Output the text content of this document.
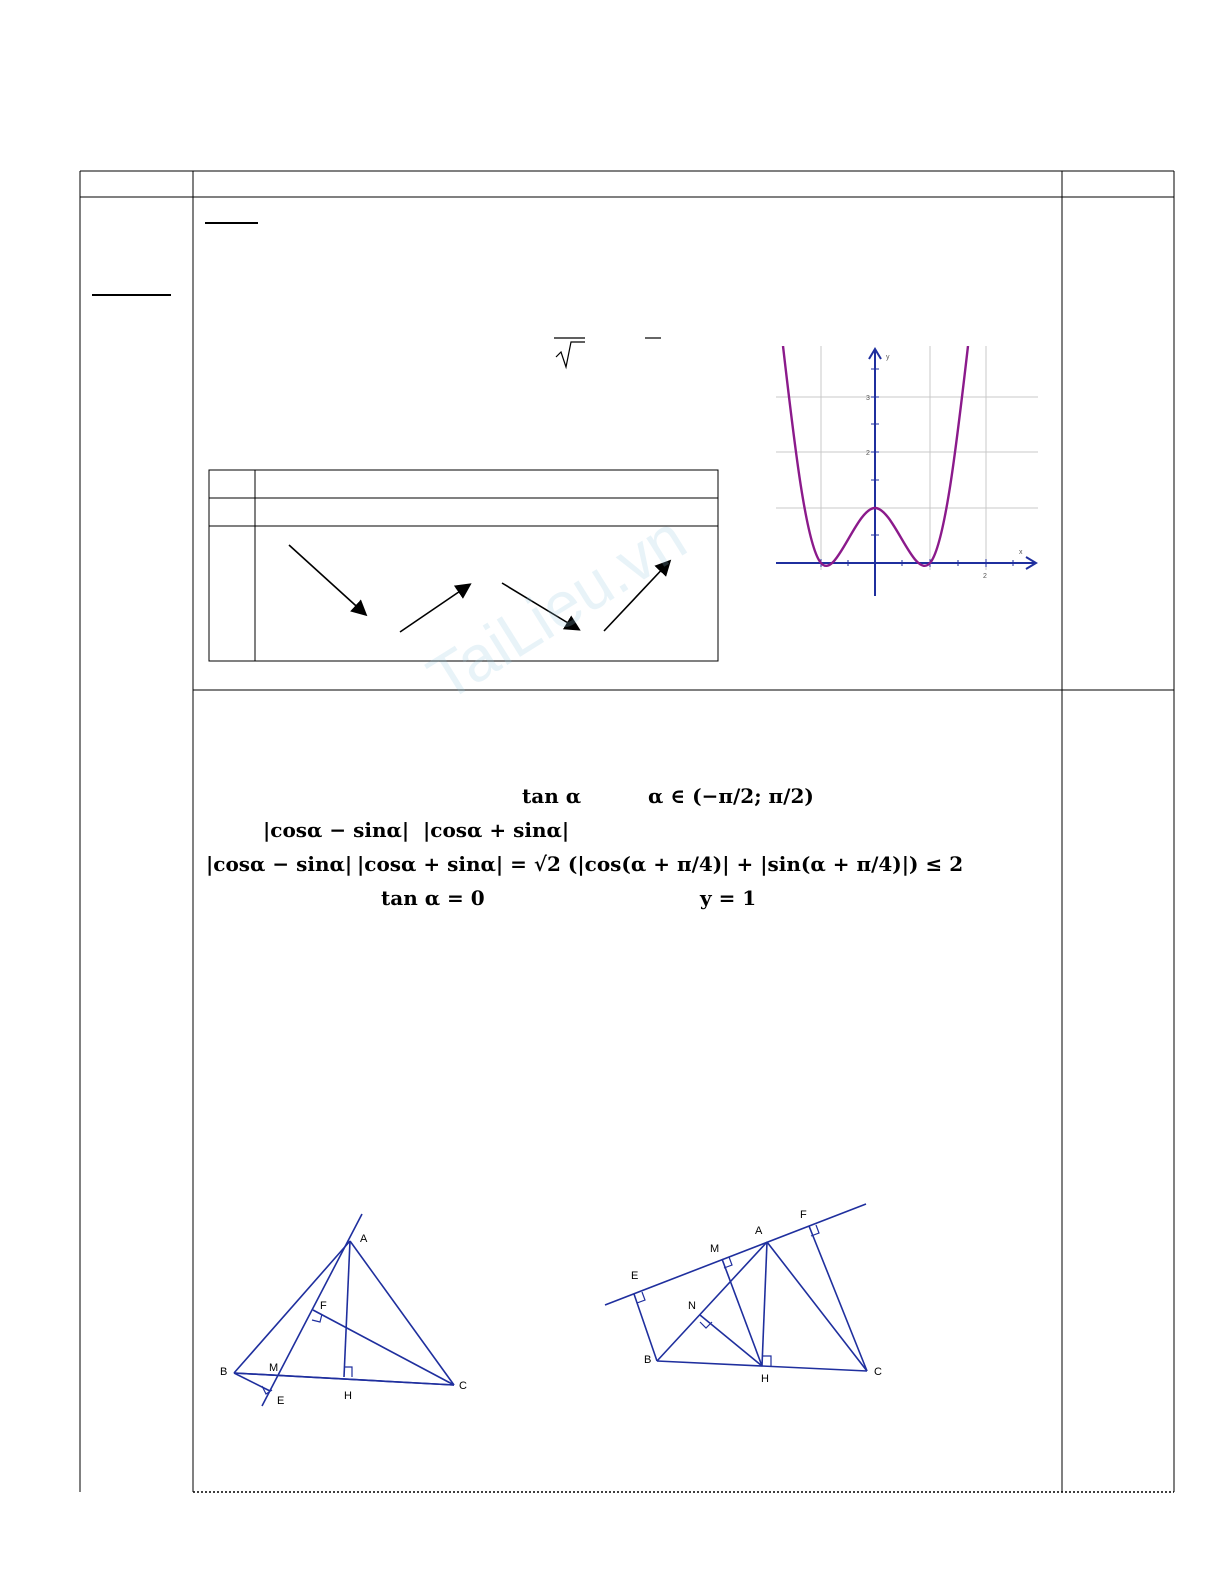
y
x
2
3
2
TaiLieu.vn
tan α	α ∈ (−π/2; π/2)
|cosα − sinα| |cosα + sinα|
|cosα − sinα| |cosα + sinα| = √2 (|cos(α + π/4)| + |sin(α + π/4)|) ≤ 2
tan α = 0	y = 1
A
B
C
E
F
H
M
A
B
C
E
F
H
M
N
